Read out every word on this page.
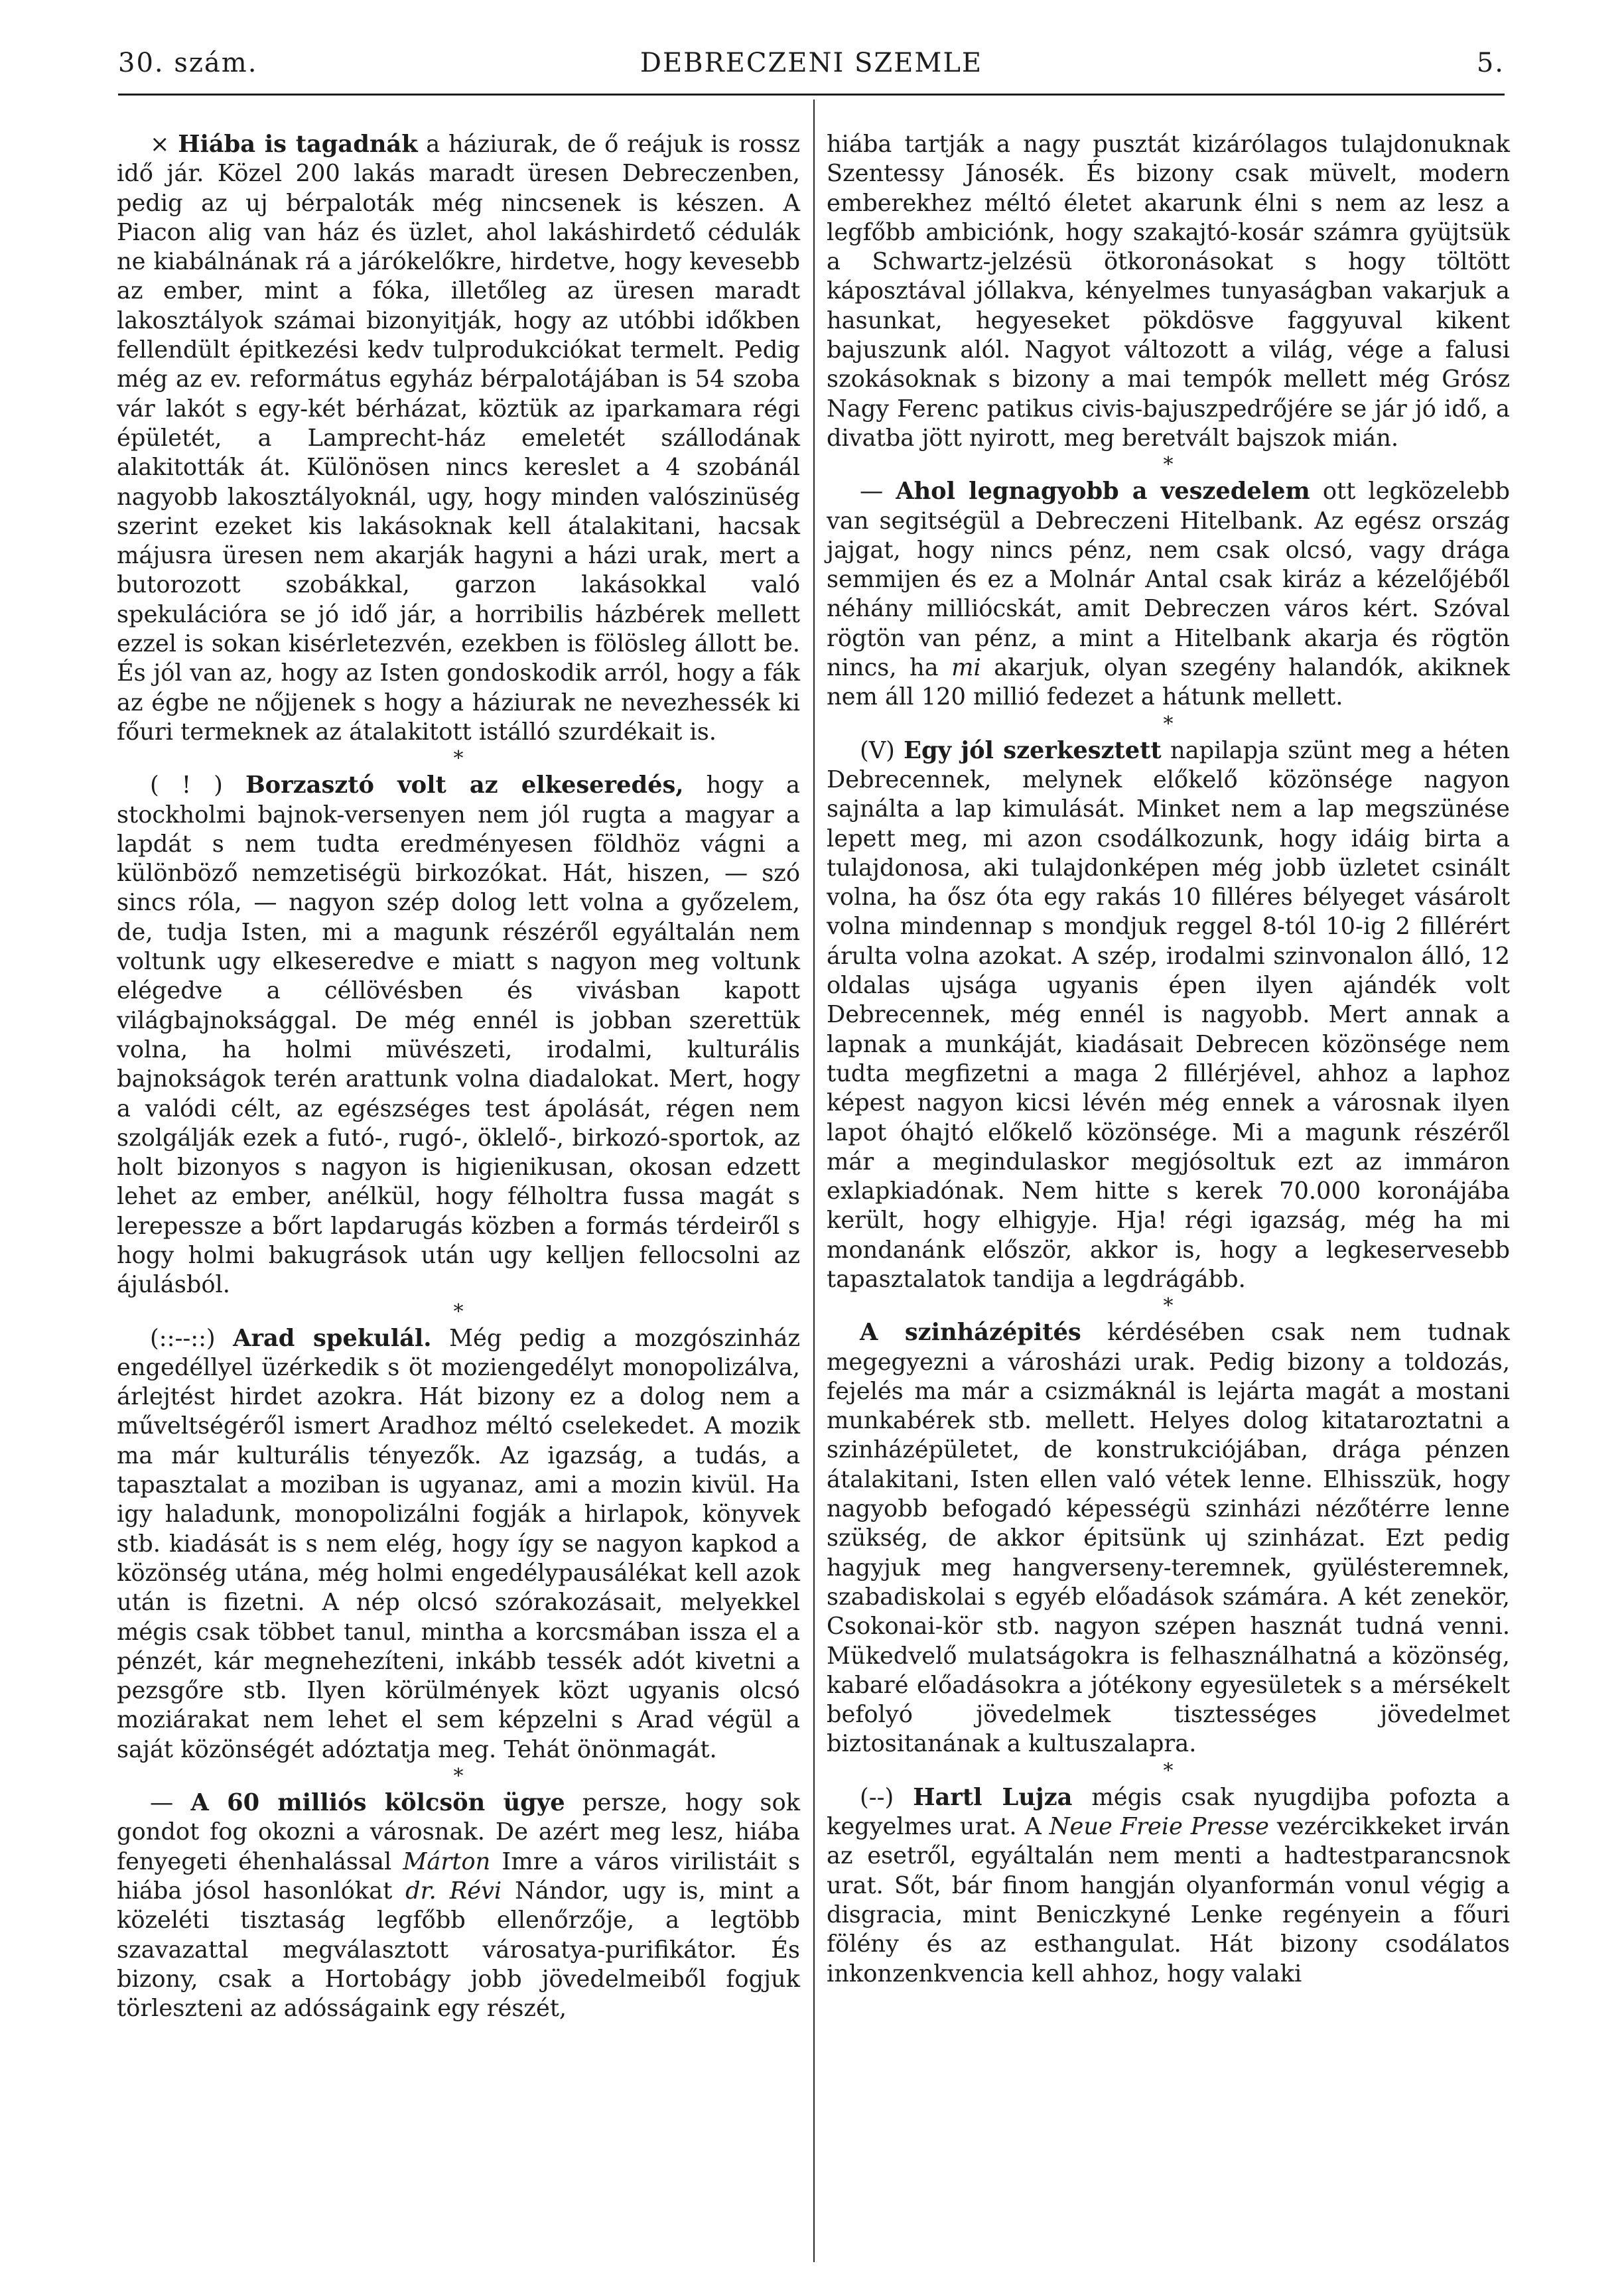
30. szám.	DEBRECZENI SZEMLE	5.

× Hiába is tagadnák a háziurak, de ő reájuk is rossz idő jár. Közel 200 lakás maradt üresen Debreczenben, pedig az uj bérpaloták még nincsenek is készen. A Piacon alig van ház és üzlet, ahol lakáshirdető cédulák ne kiabálnának rá a járókelőkre, hirdetve, hogy kevesebb az ember, mint a fóka, illetőleg az üresen maradt lakosztályok számai bizonyitják, hogy az utóbbi időkben fellendült épitkezési kedv tulprodukciókat termelt. Pedig még az ev. református egyház bérpalotájában is 54 szoba vár lakót s egy-két bérházat, köztük az iparkamara régi épületét, a Lamprecht-ház emeletét szállodának alakitották át. Különösen nincs kereslet a 4 szobánál nagyobb lakosztályoknál, ugy, hogy minden valószinüség szerint ezeket kis lakásoknak kell átalakitani, hacsak májusra üresen nem akarják hagyni a házi urak, mert a butorozott szobákkal, garzon lakásokkal való spekulációra se jó idő jár, a horribilis házbérek mellett ezzel is sokan kisérletezvén, ezekben is fölösleg állott be. És jól van az, hogy az Isten gondoskodik arról, hogy a fák az égbe ne nőjjenek s hogy a háziurak ne nevezhessék ki főuri termeknek az átalakitott istálló szurdékait is.

*

( ! ) Borzasztó volt az elkeseredés, hogy a stockholmi bajnok-versenyen nem jól rugta a magyar a lapdát s nem tudta eredményesen földhöz vágni a különböző nemzetiségü birkozókat. Hát, hiszen, — szó sincs róla, — nagyon szép dolog lett volna a győzelem, de, tudja Isten, mi a magunk részéről egyáltalán nem voltunk ugy elkeseredve e miatt s nagyon meg voltunk elégedve a céllövésben és vivásban kapott világbajnoksággal. De még ennél is jobban szerettük volna, ha holmi müvészeti, irodalmi, kulturális bajnokságok terén arattunk volna diadalokat. Mert, hogy a valódi célt, az egészséges test ápolását, régen nem szolgálják ezek a futó-, rugó-, öklelő-, birkozó-sportok, az holt bizonyos s nagyon is higienikusan, okosan edzett lehet az ember, anélkül, hogy félholtra fussa magát s lerepessze a bőrt lapdarugás közben a formás térdeiről s hogy holmi bakugrások után ugy kelljen fellocsolni az ájulásból.

*

(::--::) Arad spekulál. Még pedig a mozgószinház engedéllyel üzérkedik s öt moziengedélyt monopolizálva, árlejtést hirdet azokra. Hát bizony ez a dolog nem a műveltségéről ismert Aradhoz méltó cselekedet. A mozik ma már kulturális tényezők. Az igazság, a tudás, a tapasztalat a moziban is ugyanaz, ami a mozin kivül. Ha igy haladunk, monopolizálni fogják a hirlapok, könyvek stb. kiadását is s nem elég, hogy így se nagyon kapkod a közönség utána, még holmi engedélypausálékat kell azok után is fizetni. A nép olcsó szórakozásait, melyekkel mégis csak többet tanul, mintha a korcsmában issza el a pénzét, kár megnehezíteni, inkább tessék adót kivetni a pezsgőre stb. Ilyen körülmények közt ugyanis olcsó moziárakat nem lehet el sem képzelni s Arad végül a saját közönségét adóztatja meg. Tehát önönmagát.

*

— A 60 milliós kölcsön ügye persze, hogy sok gondot fog okozni a városnak. De azért meg lesz, hiába fenyegeti éhenhalással Márton Imre a város virilistáit s hiába jósol hasonlókat dr. Révi Nándor, ugy is, mint a közeléti tisztaság legfőbb ellenőrzője, a legtöbb szavazattal megválasztott városatya-purifikátor. És bizony, csak a Hortobágy jobb jövedelmeiből fogjuk törleszteni az adósságaink egy részét,

hiába tartják a nagy pusztát kizárólagos tulajdonuknak Szentessy Jánosék. És bizony csak müvelt, modern emberekhez méltó életet akarunk élni s nem az lesz a legfőbb ambiciónk, hogy szakajtó-kosár számra gyüjtsük a Schwartz-jelzésü ötkoronásokat s hogy töltött káposztával jóllakva, kényelmes tunyaságban vakarjuk a hasunkat, hegyeseket pökdösve faggyuval kikent bajuszunk alól. Nagyot változott a világ, vége a falusi szokásoknak s bizony a mai tempók mellett még Grósz Nagy Ferenc patikus civis-bajuszpedrőjére se jár jó idő, a divatba jött nyirott, meg beretvált bajszok mián.

*

— Ahol legnagyobb a veszedelem ott legközelebb van segitségül a Debreczeni Hitelbank. Az egész ország jajgat, hogy nincs pénz, nem csak olcsó, vagy drága semmijen és ez a Molnár Antal csak kiráz a kézelőjéből néhány milliócskát, amit Debreczen város kért. Szóval rögtön van pénz, a mint a Hitelbank akarja és rögtön nincs, ha mi akarjuk, olyan szegény halandók, akiknek nem áll 120 millió fedezet a hátunk mellett.

*

(V) Egy jól szerkesztett napilapja szünt meg a héten Debrecennek, melynek előkelő közönsége nagyon sajnálta a lap kimulását. Minket nem a lap megszünése lepett meg, mi azon csodálkozunk, hogy idáig birta a tulajdonosa, aki tulajdonképen még jobb üzletet csinált volna, ha ősz óta egy rakás 10 filléres bélyeget vásárolt volna mindennap s mondjuk reggel 8-tól 10-ig 2 fillérért árulta volna azokat. A szép, irodalmi szinvonalon álló, 12 oldalas ujsága ugyanis épen ilyen ajándék volt Debrecennek, még ennél is nagyobb. Mert annak a lapnak a munkáját, kiadásait Debrecen közönsége nem tudta megfizetni a maga 2 fillérjével, ahhoz a laphoz képest nagyon kicsi lévén még ennek a városnak ilyen lapot óhajtó előkelő közönsége. Mi a magunk részéről már a megindulaskor megjósoltuk ezt az immáron exlapkiadónak. Nem hitte s kerek 70.000 koronájába került, hogy elhigyje. Hja! régi igazság, még ha mi mondanánk először, akkor is, hogy a legkeservesebb tapasztalatok tandija a legdrágább.

*

A szinházépités kérdésében csak nem tudnak megegyezni a városházi urak. Pedig bizony a toldozás, fejelés ma már a csizmáknál is lejárta magát a mostani munkabérek stb. mellett. Helyes dolog kitataroztatni a szinházépületet, de konstrukciójában, drága pénzen átalakitani, Isten ellen való vétek lenne. Elhisszük, hogy nagyobb befogadó képességü szinházi nézőtérre lenne szükség, de akkor épitsünk uj szinházat. Ezt pedig hagyjuk meg hangverseny-teremnek, gyülésteremnek, szabadiskolai s egyéb előadások számára. A két zenekör, Csokonai-kör stb. nagyon szépen hasznát tudná venni. Mükedvelő mulatságokra is felhasználhatná a közönség, kabaré előadásokra a jótékony egyesületek s a mérsékelt befolyó jövedelmek tisztességes jövedelmet biztositanának a kultuszalapra.

*

(--) Hartl Lujza mégis csak nyugdijba pofozta a kegyelmes urat. A Neue Freie Presse vezércikkeket irván az esetről, egyáltalán nem menti a hadtestparancsnok urat. Sőt, bár finom hangján olyanformán vonul végig a disgracia, mint Beniczkyné Lenke regényein a főuri fölény és az esthangulat. Hát bizony csodálatos inkonzenkvencia kell ahhoz, hogy valaki
